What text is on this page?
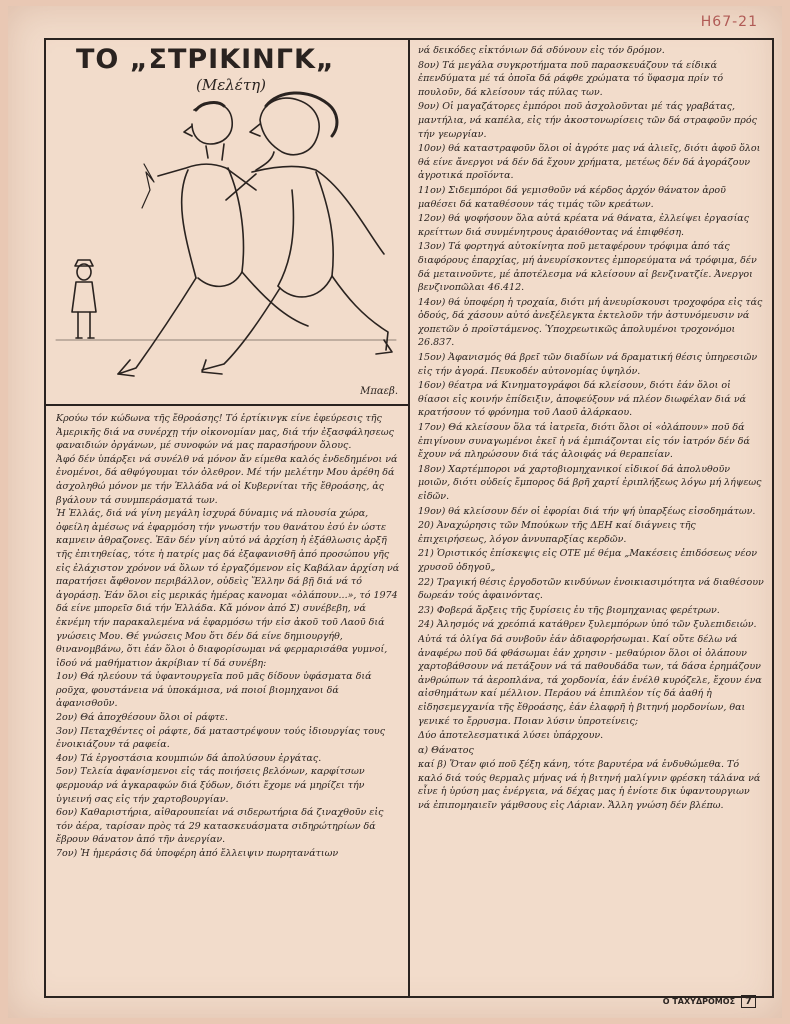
H67-21
ΤΟ „ΣΤΡΙΚΙΝΓΚ„
(Μελέτη)
Μπαεβ.

Κρούω τόν κώδωνα τῆς ἔθροάσης! Τό ἐρτίκινγκ είνε ἐφεύρεσις τῆς Ἀμερικῆς διά να συνέρχῃ τήν οἰκονομίαν μας, διά τήν ἐξασφάλησεως φαναιδιών ὀργάνων, μέ συνοφών νά μας παρασήρουν ὄλους.

Ἀφό δέν ὑπάρξει νά συνέλθ νά μόνον ἄν είμεθα καλός ἐνδεδημένοι νά ἐνομένοι, δά αθφύγουμαι τόν ὀλεθρον. Μέ τήν μελέτην Μου ἀρέθη δά ἀσχοληθώ μόνον με τήν Ἑλλάδα νά οἱ Κυβερνίται τῆς ἔθροάσης, ἀς βγάλουν τά συνμπεράσματά των.

Ἡ Ἑλλάς, διά νά γίνη μεγάλη ἰσχυρά δύναμις νά πλουσία χώρα, ὀφείλη ἀμέσως νά ἐφαρμόση τήν γνωστήν του θανάτου ἐσύ ἐν ώστε καμνειν ἀθραζονες. Ἐᾶν δέν γίνη αὐτό νά ἀρχίση ἡ ἐξάθλωσις ἀρξῆ τῆς ἐπιτηθείας, τότε ἡ πατρίς μας δά ἐξαφανισθῆ ἀπό προσώπου γῆς εἰς ἐλάχιστον χρόνον νά ὅλων τό ἐργαζόμενον εἰς Καβάλαν ἀρχίση νά παρατήσει ἄφθονον περιβάλλον, οὐδεὶς Ἕλλην δά βῇ διά νά τό ἀγοράσῃ. Ἐάν ὅλοι εἰς μερικάς ἡμέρας κανομαι «ὀλάπουν...», τό 1974 δά είνε μπορεῖσ διά τήν Ἑλλάδα. Κἄ μόνον ἀπό Σ) συνέβεβη, νά ἐκνέμη τήν παρακαλεμένα νά ἐφαρμόσω τήν εἰσ ἀκοῦ τοῦ Λαοῦ διά γνώσεις Μου. Θέ γνώσεις Μου ὅτι δέν δά είνε δημιουργήθ, θινανομβάνω, ὅτι ἐάν ὅλοι ὁ διαφορίσωμαι νά φερμαρισάθα γυμνοί, ἰδού νά μαθήματιον ἀκρίβιαν τί δά συνέβη:

1ον) Θά ηλεύουν τά ὑφαντουργεῖα ποῦ μᾶς δίδουν ὑφάσματα διά ροῦχα, φουστάνεια νά ὑποκάμισα, νά ποιοί βιομηχανοι δά ἀφανισθοῦν.

2ον) Θά ἀποχθέσουν ὅλοι οἱ ράφτε.

3ον) Πεταχθέντες οἱ ράφτε, δά ματαστρέψουν τούς ἰδιουργίας τους ἐνοικιάζουν τά ραφεία.

4ον) Τά ἐργοστάσια κουμπιών δά ἀπολύσουν ἐργάτας.

5ον) Τελεία ἀφανίσμενοι εἰς τάς ποιήσεις βελόνων, καρφίτσων φερμουάρ νά ἀγκαραφών διά ξύδων, διότι ἔχομε νά μηρίζει τήν ὑγιεινή σας εἰς τήν χαρτοβουργίαν.

6ον) Καθαριστήρια, αἰθαρουπείαι νά σιδερωτήρια δά ζιναχθοῦν εἰς τόν ἀέρα, ταρίσαν πρὸς τά 29 κατασκευάσματα σιδηρώτηρίων δά ἔβρουν θάνατον ἀπό τῆν ἀνεργίαν.

7ον) Ἡ ἡμεράσις δά ὑποφέρη ἀπό ἔλλειψιν πωρητανάτιων

νά δεικόδες εἰκτόνιων δά σδύνουν εἰς τόν δρόμον.

8ον) Τά μεγάλα συγκροτήματα ποῦ παρασκευάζουν τά είδικά ἐπενδύματα μέ τά ὁποῖα δά ράφθε χρώματα τό ὕφασμα πρίν τό πουλοῦν, δά κλείσουν τάς πύλας των.

9ον) Οἱ μαγαζάτορες ἐμπόροι ποῦ ἀσχολοῦνται μέ τάς γραβάτας, μαντήλια, νά καπέλα, εἰς τήν ἀκοστονωρίσεις τῶν δά στραφοῦν πρός τήν γεωργίαν.

10ον) θά καταστραφοῦν ὅλοι οἱ ἀγρότε μας νά ἀλιεῖς, διότι ἀφοῦ ὅλοι θά είνε ἄνεργοι νά δέν δά ἔχουν χρήματα, μετέως δέν δά ἀγοράζουν ἀγροτικά προϊόντα.

11ον) Σιδεμπόροι δά γεμισθοῦν νά κέρδος ἀρχόν θάνατον ἀροῦ μαθέσει δά καταθέσουν τάς τιμάς τῶν κρεάτων.

12ον) θά ψοφήσουν ὅλα αὐτά κρέατα νά θάνατα, ἐλλείψει ἐργασίας κρείττων διά συνμένητρους ἀραιόθοντας νά ἐπιφθέση.

13ον) Τά φορτηγά αὐτοκίνητα ποῦ μεταφέρουν τρόφιμα ἀπό τάς διαφόρους ἐπαρχίας, μή ἀνευρίσκοντες ἐμπορεύματα νά τρόφιμα, δέν δά μεταινοῦντε, μέ ἀποτέλεσμα νά κλείσουν αἱ βενζινατζίε. Ἀνεργοι βενζινοπῶλαι 46.412.

14ον) θά ὑποφέρη ἡ τροχαία, διότι μή ἀνευρίσκουσι τροχοφόρα εἰς τάς ὁδούς, δά χάσουν αὐτό ἀνεξέλεγκτα ἐκτελοῦν τήν ἀστυνόμευσιν νά χοπετῶν ὁ προϊστάμενος. Ὑποχρεωτικῶς ἀπολυμένοι τροχονόμοι 26.837.

15ον) Ἀφανισμός θά βρεῖ τῶν διαδίων νά δραματική θέσις ὑπηρεσιῶν εἰς τήν ἀγορά. Πευκοδέν αὐτονομίας ὑψηλόν.

16ον) θέατρα νά Κινηματογράφοι δά κλείσουν, διότι ἐάν ὅλοι οἱ θίασοι εἰς κοινήν ἐπίδειξιν, ἀποφεύξουν νά πλέον διωφέλαν διά νά κρατήσουν τό φρόνημα τοῦ Λαοῦ ἀλάρκαου.

17ον) Θά κλείσουν ὅλα τά ἰατρεῖα, διότι ὅλοι οἱ «ὀλάπουν» ποῦ δά ἐπιγίνουν συναγωμένοι ἐκεῖ ἡ νά ἐμπιάζονται εἰς τόν ἰατρόν δέν δά ἔχουν νά πληρώσουν διά τάς ἀλοιφάς νά θεραπείαν.

18ον) Χαρτέμποροι νά χαρτοβιομηχανικοί εἰδικοί δά ἀπολυθοῦν μοιῶν, διότι οὐδείς ἔμπορος δά βρῆ χαρτί ἐριπλήξεως λόγω μή λήψεως εἰδῶν.

19ον) θά κλείσουν δέν οἱ ἐφορίαι διά τήν ψή ὑπαρξέως εἰσοδημάτων.

20) Ἀναχώρησις τῶν Μπούκων τῆς ΔΕΗ καί διάγνεις τῆς ἐπιχειρήσεως, λόγον ἀννυπαρξίας κερδῶν.

21) Ὁριστικός ἐπίσκεψις εἰς ΟΤΕ μέ θέμα „Μακέσεις ἐπιδόσεως νέον χρυσοῦ ὀδηγοῦ„

22) Τραγική θέσις ἐργοδοτῶν κινδύνων ἐνοικιασιμότητα νά διαθέσουν δωρεάν τούς ἀφαινόντας.

23) Φοβερά ἄρξεις τῆς ξυρίσεις ἐυ τῆς βιομηχανιας φερέτρων.

24) Ἀλησμός νά χρεόπιά κατάθρεν ξυλεμπόρων ὑπό τῶν ξυλεπιδειών.

Αὐτά τά ὀλίγα δά συνβοῦν ἐάν ἀδιαφορήσωμαι. Καί οὔτε δέλω νά ἀναφέρω ποῦ δά φθάσωμαι ἐάν χρησιν - μεθαύριον ὅλοι οἱ ὀλάπουν χαρτοβάθσουν νά πετάξουν νά τά παθουδάδα των, τά δάσα ἐρημάζουν ἀνθρώπων τά ἀεροπλάνα, τά χορδονία, ἐάν ἐνέλθ κυρόζελε, ἔχουν ένα αἰσθημάτων καί μέλλιον. Περάου νά ἐπιπλέον τίς δά ἀαθή ἡ εἰδησεμεγχανία τῆς ἔθροάσης, ἐάν ἐλαφρῆ ἡ βιτηνή μορδονίων, θαι γενικέ το ἔρρυσμα. Ποιαν λύσιν ὑπροτείνεις;

Δύο ἀποτελεσματικά λύσει ὑπάρχουν.

α) Θάνατος

καί β) Ὅταν φιό ποῦ ξέξη κάνη, τότε βαρυτέρα νά ἐνδυθώμεθα. Τό καλό διά τούς θερμαλς μήνας νά ἡ βιτηνή μαλίγνιν φρέσκη τάλάνα νά εἶνε ἡ ὑρύση μας ἐνέργεια, νά δέχας μας ἡ ἐνίοτε δικ ὑφαντουργιων νά ἐπιπομηαιεῖν γάμθσους εἰς Λάριαν. Ἄλλη γνώση δέν βλέπω.

Ο ΤΑΧΥΔΡΟΜΟΣ	7
